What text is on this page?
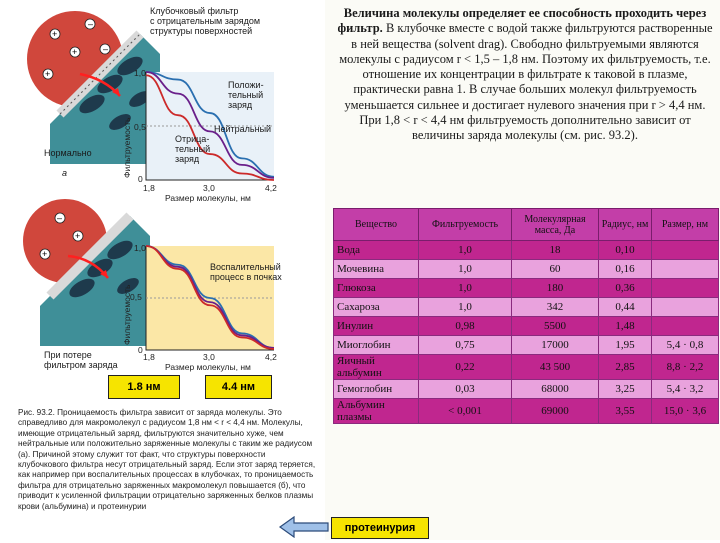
+
+
–
–
+
Клубочковый фильтр
с отрицательным зарядом
структуры поверхностей
1,0
0,5
0
1,8	3,0	4,2
Размер молекулы, нм
Положи-
тельный
заряд
Нейтральный
Отрица-
тельный
заряд
Нормально
а
–
+
+
1,0
0,5
0
1,8	3,0	4,2
Размер молекулы, нм
Воспалительный
процесс в почках
При потере
фильтром заряда
1.8 нм	4.4 нм
Рис. 93.2. Проницаемость фильтра зависит от заряда молекулы. Это справедливо для макромолекул с радиусом 1,8 нм < r < 4,4 нм. Молекулы, имеющие отрицательный заряд, фильтруются значительно хуже, чем нейтральные или положительно заряженные молекулы с таким же радиусом (а). Причиной этому служит тот факт, что структуры поверхности клубочкового фильтра несут отрицательный заряд. Если этот заряд теряется, как например при воспалительных процессах в клубочках, то проницаемость фильтра для отрицательно заряженных макромолекул повышается (б), что приводит к усиленной фильтрации отрицательно заряженных белков плазмы крови (альбумина) и протеинурии
Величина молекулы определяет ее способность проходить через фильтр. В клубочке вместе с водой также фильтруются растворенные в ней вещества (solvent drag). Свободно фильтруемыми являются молекулы с радиусом r < 1,5 – 1,8 нм. Поэтому их фильтруемость, т.е. отношение их концентрации в фильтрате к таковой в плазме, практически равна 1. В случае больших молекул фильтруемость уменьшается сильнее и достигает нулевого значения при r > 4,4 нм. При 1,8 < r < 4,4 нм фильтруемость дополнительно зависит от величины заряда молекулы (см. рис. 93.2).
Вещество	Фильтруемость	Молекулярная масса, Да	Радиус, нм	Размер, нм
Вода	1,0	18	0,10	
Мочевина	1,0	60	0,16	
Глюкоза	1,0	180	0,36	
Сахароза	1,0	342	0,44	
Инулин	0,98	5500	1,48	
Миоглобин	0,75	17000	1,95	5,4 · 0,8
Яичный альбумин	0,22	43 500	2,85	8,8 · 2,2
Гемоглобин	0,03	68000	3,25	5,4 · 3,2
Альбумин плазмы	< 0,001	69000	3,55	15,0 · 3,6
протеинурия
